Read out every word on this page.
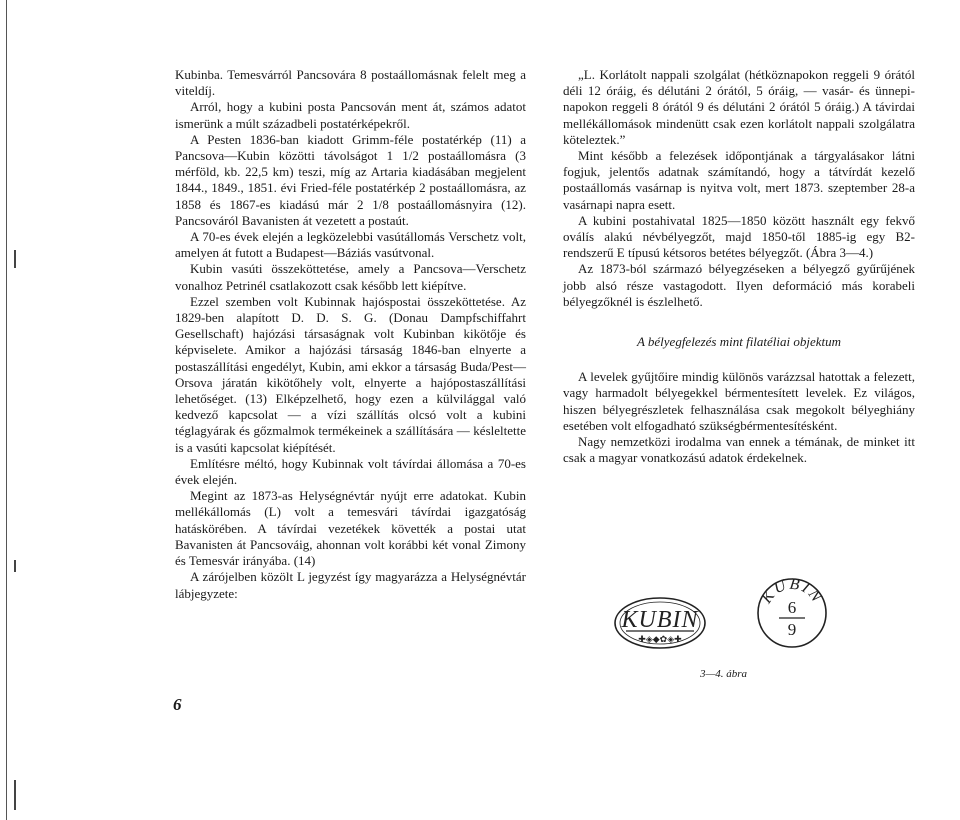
Kubinba. Temesvárról Pancsovára 8 postaállomásnak felelt meg a viteldíj.

Arról, hogy a kubini posta Pancsován ment át, számos adatot ismerünk a múlt századbeli postatérképekről.

A Pesten 1836-ban kiadott Grimm-féle postatérkép (11) a Pancsova—Kubin közötti távolságot 1 1/2 postaállomásra (3 mérföld, kb. 22,5 km) teszi, míg az Artaria kiadásában megjelent 1844., 1849., 1851. évi Fried-féle postatérkép 2 postaállomásra, az 1858 és 1867-es kiadású már 2 1/8 postaállomásnyira (12). Pancsováról Bavanisten át vezetett a postaút.

A 70-es évek elején a legközelebbi vasútállomás Verschetz volt, amelyen át futott a Budapest—Báziás vasútvonal.

Kubin vasúti összeköttetése, amely a Pancsova—Verschetz vonalhoz Petrinél csatlakozott csak később lett kiépítve.

Ezzel szemben volt Kubinnak hajóspostai összeköttetése. Az 1829-ben alapított D. D. S. G. (Donau Dampfschiffahrt Gesellschaft) hajózási társaságnak volt Kubinban kikötője és képviselete. Amikor a hajózási társaság 1846-ban elnyerte a postaszállítási engedélyt, Kubin, ami ekkor a társaság Buda/Pest—Orsova járatán kikötőhely volt, elnyerte a hajópostaszállítási lehetőséget. (13) Elképzelhető, hogy ezen a külvilággal való kedvező kapcsolat — a vízi szállítás olcsó volt a kubini téglagyárak és gőzmalmok termékeinek a szállítására — késleltette is a vasúti kapcsolat kiépítését.

Említésre méltó, hogy Kubinnak volt távírdai állomása a 70-es évek elején.

Megint az 1873-as Helységnévtár nyújt erre adatokat. Kubin mellékállomás (L) volt a temesvári távírdai igazgatóság hatáskörében. A távírdai vezetékek követték a postai utat Bavanisten át Pancsováig, ahonnan volt korábbi két vonal Zimony és Temesvár irányába. (14)

A zárójelben közölt L jegyzést így magyarázza a Helységnévtár lábjegyzete:

„L. Korlátolt nappali szolgálat (hétköznapokon reggeli 9 órától déli 12 óráig, és délutáni 2 órától, 5 óráig, — vasár- és ünnepi-napokon reggeli 8 órától 9 és délutáni 2 órától 5 óráig.) A távirdai mellékállomások mindenütt csak ezen korlátolt nappali szolgálatra köteleztek.”

Mint később a felezések időpontjának a tárgyalásakor látni fogjuk, jelentős adatnak számítandó, hogy a tátvírdát kezelő postaállomás vasárnap is nyitva volt, mert 1873. szeptember 28-a vasárnapi napra esett.

A kubini postahivatal 1825—1850 között használt egy fekvő oválís alakú névbélyegzőt, majd 1850-től 1885-ig egy B2-rendszerű E típusú kétsoros betétes bélyegzőt. (Ábra 3—4.)

Az 1873-ból származó bélyegzéseken a bélyegző gyűrűjének jobb alsó része vastagodott. Ilyen deformáció más korabeli bélyegzőknél is észlelhető.

A bélyegfelezés mint filatéliai objektum

A levelek gyűjtőire mindig különös varázzsal hatottak a felezett, vagy harmadolt bélyegekkel bérmentesített levelek. Ez világos, hiszen bélyegrészletek felhasználása csak megokolt bélyeghiány esetében volt elfogadható szükségbérmentesítésként.

Nagy nemzetközi irodalma van ennek a témának, de minket itt csak a magyar vonatkozású adatok érdekelnek.

KUBIN
✚◈◆✿◈✚
KUBIN
6
9
3—4. ábra
6
